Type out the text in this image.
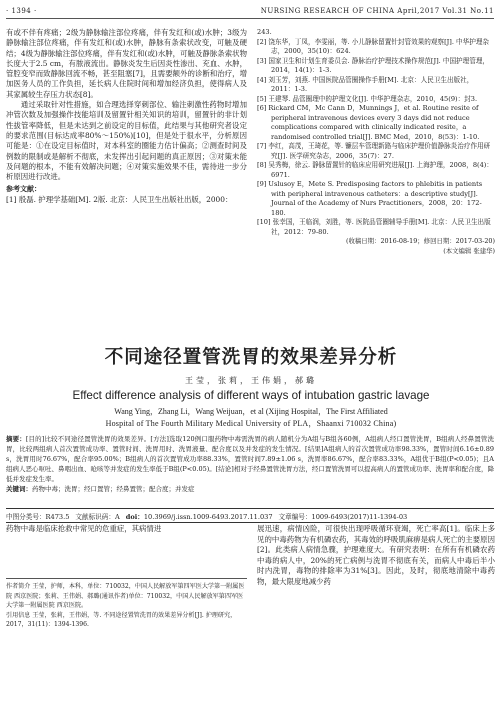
· 1394 ·	NURSING RESEARCH OF CHINA April,2017 Vol.31 No.11

有或不伴有疼痛；2级为静脉输注部位疼痛，伴有发红和(或)水肿；3级为静脉输注部位疼痛，伴有发红和(或)水肿，静脉有条索状改变，可触及硬结；4级为静脉输注部位疼痛，伴有发红和(或)水肿，可触及静脉条索状物长度大于2.5 cm，有脓液流出。静脉炎发生后因炎性渗出、充血、水肿，管腔变窄而致静脉回流不畅，甚至阻塞[7]，且需要额外的诊断和治疗，增加医务人员的工作负担，延长病人住院时间和增加经济负担，使得病人及其家属较生存压力状态[8]。

通过采取针对性措施，如合理选择穿刺部位、输注刺激性药物时增加冲管次数及加强操作技能培训及留置针相关知识的培训，留置针的非计划性拔管率降低，但是未达到之前设定的目标值，此结果与其他研究者设定的要求范围(目标达成率80%～150%)[10]，但是处于很水平，分析原因可能是：①在设定目标值时，对本科室的圈能力估计偏高；②测查时间及例数的限制或是解析不彻底，未发挥出引起问题的真正原因；③对策未能及问题的根本，不能有效解决问题；④对策实施效果不佳，需待进一步分析原因进行改进。

参考文献：

[1] 殷磊. 护理学基础[M]. 2版. 北京：人民卫生出版社出版，2000：

243.

[2] 饶东华，丁凤，李雯丽，等. 小儿静脉留置针封管效果的观察[J]. 中华护理杂志，2000，35(10)：624.

[3] 国家卫生和计划生育委员会. 静脉治疗护理技术操作规范[J]. 中国护理管理，2014，14(1)：1-3.

[4] 刘玉芳，刘燕. 中国医院品管圈操作手册[M]. 北京：人民卫生出版社，2011：1-3.

[5] 王建琴. 品管圈理中的护理文化[J]. 中华护理杂志，2010，45(9)：封3.

[6] Rickard CM，Mc Cann D，Munnings J，et al. Routine resite of peripheral intravenous devices every 3 days did not reduce complications compared with clinically indicated resite，a randomised controlled trial[J]. BMC Med，2010，8(53)：1-10.

[7] 李红，高茂，王琦花，等. 镰层车管理新路与临床护理价值静脉炎治疗作用研究[J]. 医学研究杂志，2006，35(7)：27.

[8] 吴秀梅，徐云. 静脉留置针的临床应用研究进展[J]. 上海护理，2008，8(4)：6971.

[9] Uslusoy E，Mete S. Predisposing factors to phlebitis in patients with peripheral intravenous catheters：a descriptive study[J]. Journal of the Academy of Nurs Practitioners，2008，20：172-180.

[10] 张幸国，王临润，刘胜，等. 医院品管圈辅导手册[M]. 北京：人民卫生出版社，2012：79-80.

(收稿日期：2016-08-19；修回日期：2017-03-20)

(本文编辑 张建华)

不同途径置管洗胃的效果差异分析
王莹，张莉，王伟娟，郝璐
Effect difference analysis of different ways of intubation gastric lavage
Wang Ying，Zhang Li，Wang Weijuan，et al (Xijing Hospital，The First Affiliated
Hospital of The Fourth Military Medical University of PLA，Shaanxi 710032 China)
摘要：[目的]比较不同途径置管洗胃的效果差异。[方法]选取120例口服药物中毒需洗胃的病人随机分为A组与B组各60例，A组病人经口置管洗胃，B组病人经鼻置管洗胃，比较两组病人首次置管成功率、置管时间、洗胃用时、洗胃液量、配合度以及并发症的发生情况。[结果]A组病人的首次置管成功率98.33%，置管时间6.16±0.89 s，洗胃用时76.67%，配合率95.00%；B组病人的首次置管成功率88.33%，置管时间7.89±1.06 s，洗胃率86.67%，配合率83.33%，A组优于B组(P<0.05)；且A组病人恶心呕吐、鼻咽出血、呛咳等并发症的发生率低于B组(P<0.05)。[结论]相对于经鼻置管洗胃方法，经口置管洗胃可以提高病人的置管成功率、洗胃率和配合度，降低并发症发生率。
关键词：药物中毒；洗胃；经口置管；经鼻置管；配合度；并发症
中图分类号：R473.5 文献标识码：A doi：10.3969/j.issn.1009-6493.2017.11.037 文章编号：1009-6493(2017)11-1394-03

药物中毒是临床抢救中常见的危重症，其病情进

作者简介 王莹，护师，本科，单位：710032，中国人民解放军第四军医大学第一附属医院 西京医院；张莉、王伟娟、郝璐(通讯作者)单位：710032，中国人民解放军第四军医大学第一附属医院 西京医院。
引用信息 王莹，张莉，王伟娟，等. 不同途径置管洗胃的效果差异分析[J]. 护理研究，2017，31(11)：1394-1396.

展迅速，病情凶险，可很快出现呼吸循环衰竭，死亡率高[1]。临床上多见的中毒药物为有机磷农药，其毒效的呼吸肌麻痹是病人死亡的主要原因[2]。此类病人病情急骤，护理难度大。有研究表明：在所有有机磷农药中毒的病人中，20%的死亡病例与洗胃不彻底有关，而病人中毒后半小时内洗胃，毒物的排除率为31%[3]。因此，及时，彻底地清除中毒药物，最大限度地减少药
